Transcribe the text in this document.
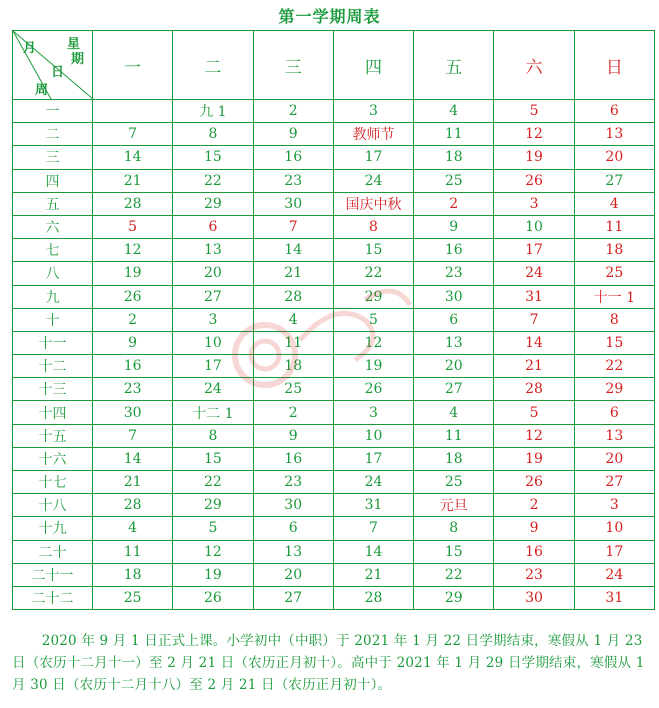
第一学期周表
月 星
期
日
周	一	二	三	四	五	六	日
一		九 1	2	3	4	5	6
二	7	8	9	教师节	11	12	13
三	14	15	16	17	18	19	20
四	21	22	23	24	25	26	27
五	28	29	30	国庆中秋	2	3	4
六	5	6	7	8	9	10	11
七	12	13	14	15	16	17	18
八	19	20	21	22	23	24	25
九	26	27	28	29	30	31	十一 1
十	2	3	4	5	6	7	8
十一	9	10	11	12	13	14	15
十二	16	17	18	19	20	21	22
十三	23	24	25	26	27	28	29
十四	30	十二 1	2	3	4	5	6
十五	7	8	9	10	11	12	13
十六	14	15	16	17	18	19	20
十七	21	22	23	24	25	26	27
十八	28	29	30	31	元旦	2	3
十九	4	5	6	7	8	9	10
二十	11	12	13	14	15	16	17
二十一	18	19	20	21	22	23	24
二十二	25	26	27	28	29	30	31
2020 年 9 月 1 日正式上课。小学初中（中职）于 2021 年 1 月 22 日学期结束，寒假从 1 月 23 日（农历十二月十一）至 2 月 21 日（农历正月初十）。高中于 2021 年 1 月 29 日学期结束，寒假从 1 月 30 日（农历十二月十八）至 2 月 21 日（农历正月初十）。
